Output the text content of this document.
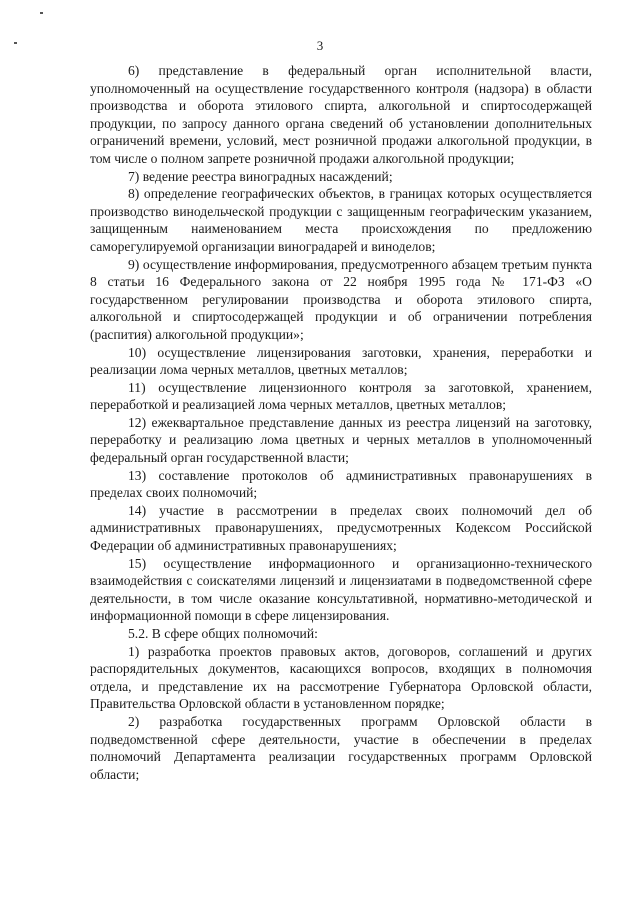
3

6) представление в федеральный орган исполнительной власти, уполномоченный на осуществление государственного контроля (надзора) в области производства и оборота этилового спирта, алкогольной и спиртосодержащей продукции, по запросу данного органа сведений об установлении дополнительных ограничений времени, условий, мест розничной продажи алкогольной продукции, в том числе о полном запрете розничной продажи алкогольной продукции;

7) ведение реестра виноградных насаждений;

8) определение географических объектов, в границах которых осуществляется производство винодельческой продукции с защищенным географическим указанием, защищенным наименованием места происхождения по предложению саморегулируемой организации виноградарей и виноделов;

9) осуществление информирования, предусмотренного абзацем третьим пункта 8 статьи 16 Федерального закона от 22 ноября 1995 года № 171-ФЗ «О государственном регулировании производства и оборота этилового спирта, алкогольной и спиртосодержащей продукции и об ограничении потребления (распития) алкогольной продукции»;

10) осуществление лицензирования заготовки, хранения, переработки и реализации лома черных металлов, цветных металлов;

11) осуществление лицензионного контроля за заготовкой, хранением, переработкой и реализацией лома черных металлов, цветных металлов;

12) ежеквартальное представление данных из реестра лицензий на заготовку, переработку и реализацию лома цветных и черных металлов в уполномоченный федеральный орган государственной власти;

13) составление протоколов об административных правонарушениях в пределах своих полномочий;

14) участие в рассмотрении в пределах своих полномочий дел об административных правонарушениях, предусмотренных Кодексом Российской Федерации об административных правонарушениях;

15) осуществление информационного и организационно-технического взаимодействия с соискателями лицензий и лицензиатами в подведомственной сфере деятельности, в том числе оказание консультативной, нормативно-методической и информационной помощи в сфере лицензирования.

5.2. В сфере общих полномочий:

1) разработка проектов правовых актов, договоров, соглашений и других распорядительных документов, касающихся вопросов, входящих в полномочия отдела, и представление их на рассмотрение Губернатора Орловской области, Правительства Орловской области в установленном порядке;

2) разработка государственных программ Орловской области в подведомственной сфере деятельности, участие в обеспечении в пределах полномочий Департамента реализации государственных программ Орловской области;
